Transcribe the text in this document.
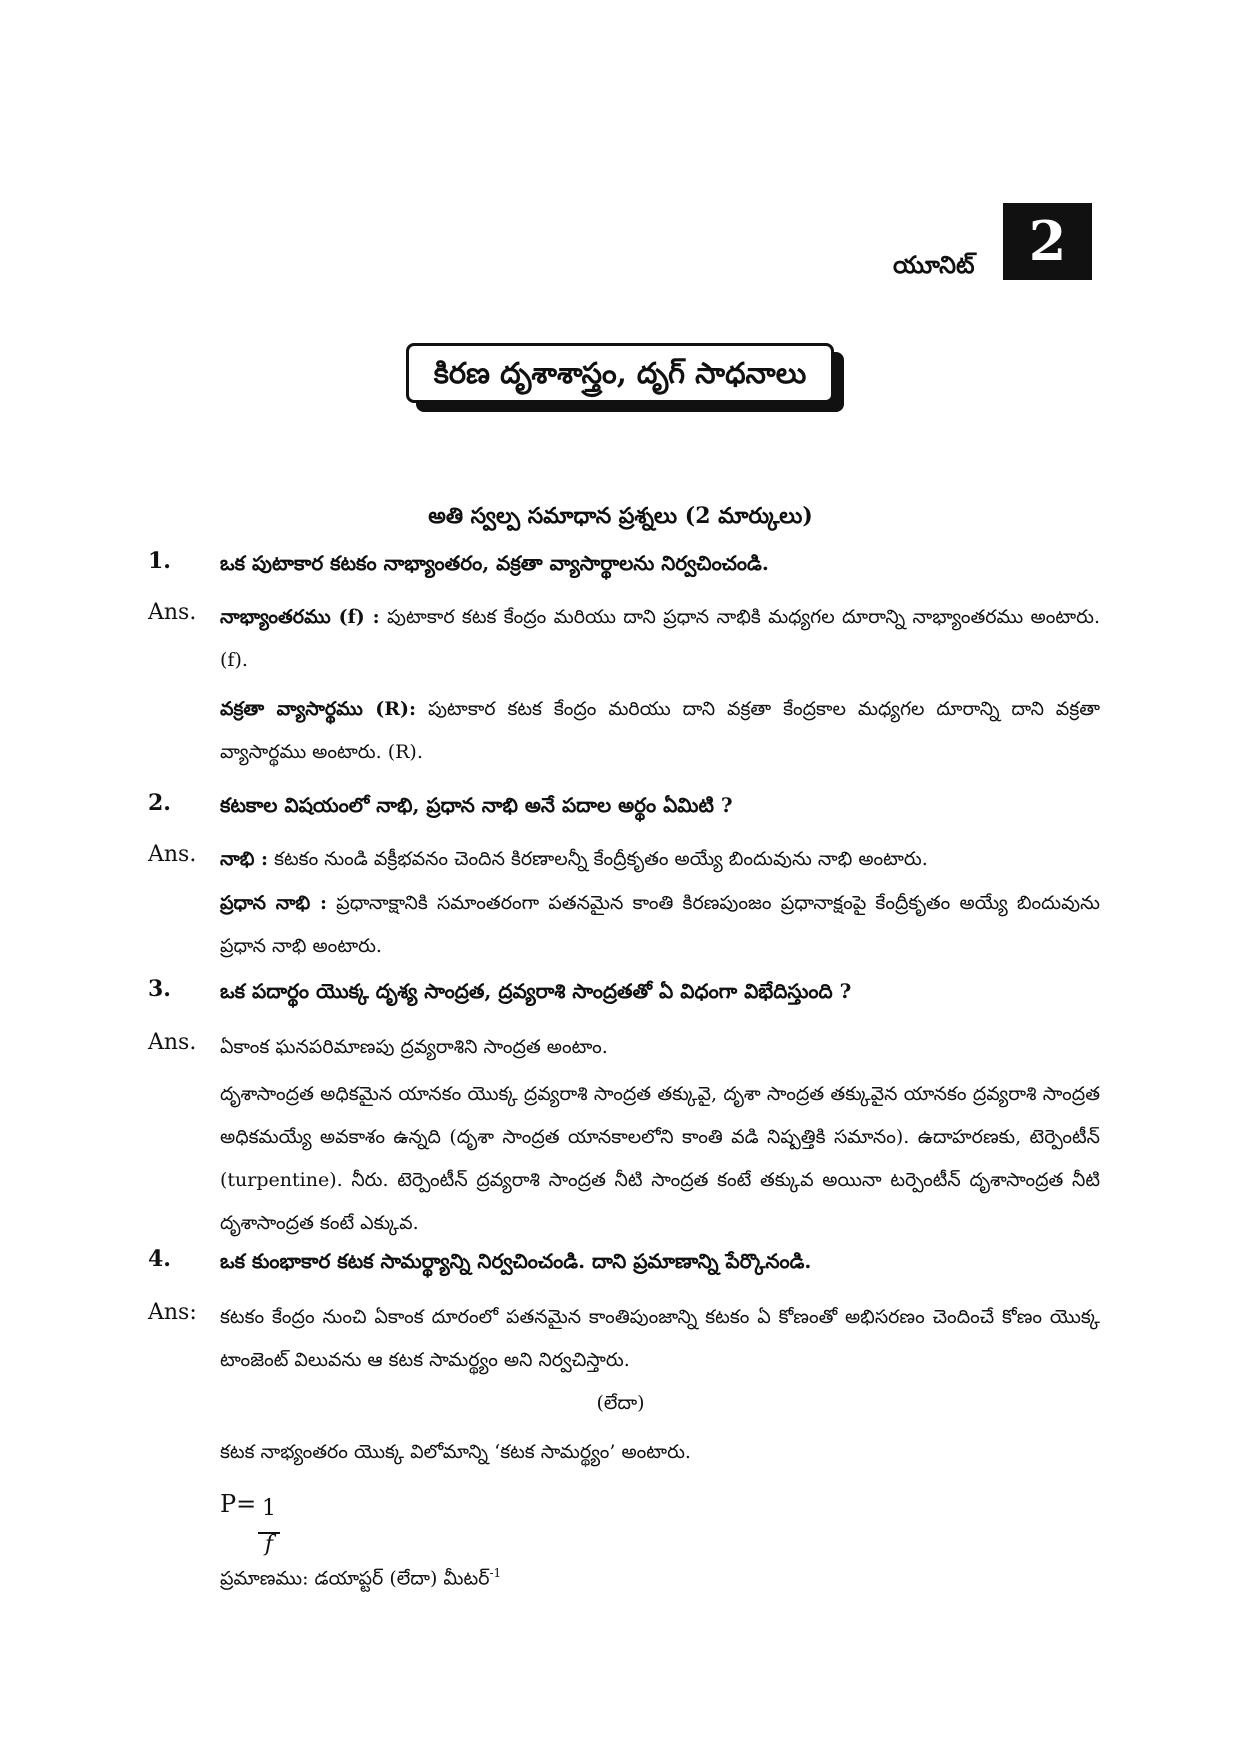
యూనిట్	2
కిరణ దృశాశాస్త్రం, దృగ్ సాధనాలు
అతి స్వల్ప సమాధాన ప్రశ్నలు (2 మార్కులు)
1. ఒక పుటాకార కటకం నాభ్యాంతరం, వక్రతా వ్యాసార్థాలను నిర్వచించండి.
Ans. నాభ్యాంతరము (f) : పుటాకార కటక కేంద్రం మరియు దాని ప్రధాన నాభికి మధ్యగల దూరాన్ని నాభ్యాంతరము అంటారు.(f).
వక్రతా వ్యాసార్థము (R): పుటాకార కటక కేంద్రం మరియు దాని వక్రతా కేంద్రకాల మధ్యగల దూరాన్ని దాని వక్రతా వ్యాసార్థము అంటారు. (R).
2. కటకాల విషయంలో నాభి, ప్రధాన నాభి అనే పదాల అర్థం ఏమిటి ?
Ans. నాభి : కటకం నుండి వక్రీభవనం చెందిన కిరణాలన్నీ కేంద్రీకృతం అయ్యే బిందువును నాభి అంటారు.
ప్రధాన నాభి : ప్రధానాక్షానికి సమాంతరంగా పతనమైన కాంతి కిరణపుంజం ప్రధానాక్షంపై కేంద్రీకృతం అయ్యే బిందువును ప్రధాన నాభి అంటారు.
3. ఒక పదార్థం యొక్క దృశ్య సాంద్రత, ద్రవ్యరాశి సాంద్రతతో ఏ విధంగా విభేదిస్తుంది ?
Ans. ఏకాంక ఘనపరిమాణపు ద్రవ్యరాశిని సాంద్రత అంటాం.
దృశాసాంద్రత అధికమైన యానకం యొక్క ద్రవ్యరాశి సాంద్రత తక్కువై, దృశా సాంద్రత తక్కువైన యానకం ద్రవ్యరాశి సాంద్రత అధికమయ్యే అవకాశం ఉన్నది (దృశా సాంద్రత యానకాలలోని కాంతి వడి నిష్పత్తికి సమానం). ఉదాహరణకు, టెర్పెంటీన్ (turpentine). నీరు. టెర్పెంటీన్ ద్రవ్యరాశి సాంద్రత నీటి సాంద్రత కంటే తక్కువ అయినా టర్పెంటీన్ దృశాసాంద్రత నీటి దృశాసాంద్రత కంటే ఎక్కువ.
4. ఒక కుంభాకార కటక సామర్థ్యాన్ని నిర్వచించండి. దాని ప్రమాణాన్ని పేర్కొనండి.
Ans: కటకం కేంద్రం నుంచి ఏకాంక దూరంలో పతనమైన కాంతిపుంజాన్ని కటకం ఏ కోణంతో అభిసరణం చెందించే కోణం యొక్క టాంజెంట్ విలువను ఆ కటక సామర్థ్యం అని నిర్వచిస్తారు.
(లేదా)
కటక నాభ్యంతరం యొక్క విలోమాన్ని ‘కటక సామర్థ్యం’ అంటారు.
P= 1
f
ప్రమాణము: డయాప్టర్ (లేదా) మీటర్$^{-1}$
